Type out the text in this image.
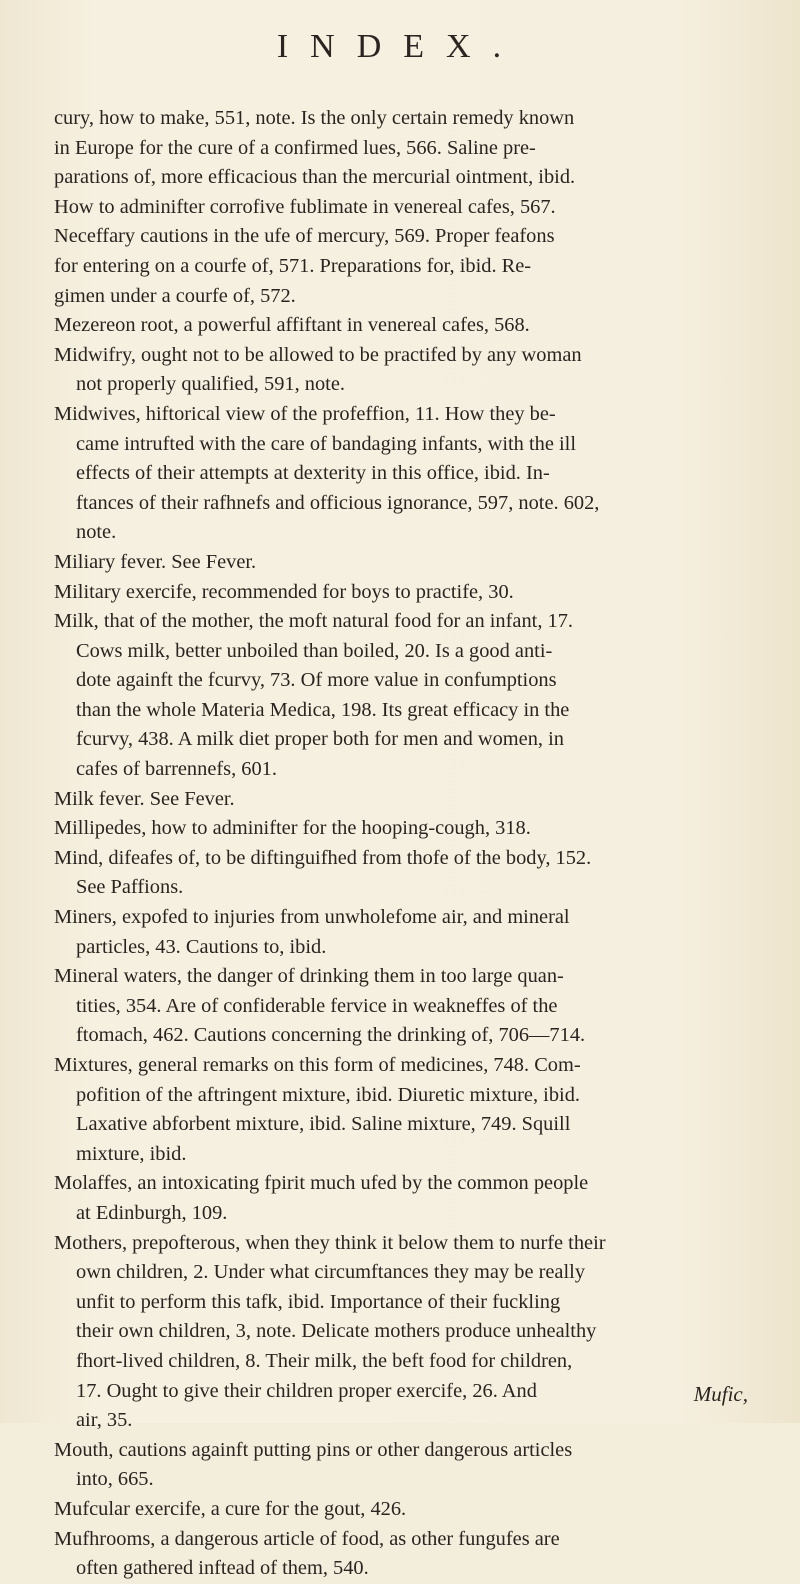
INDEX.
cury, how to make, 551, note. Is the only certain remedy known
in Europe for the cure of a confirmed lues, 566. Saline pre-
parations of, more efficacious than the mercurial ointment, ibid.
How to adminifter corrofive fublimate in venereal cafes, 567.
Neceffary cautions in the ufe of mercury, 569. Proper feafons
for entering on a courfe of, 571. Preparations for, ibid. Re-
gimen under a courfe of, 572.
Mezereon root, a powerful affiftant in venereal cafes, 568.
Midwifry, ought not to be allowed to be practifed by any woman
not properly qualified, 591, note.
Midwives, hiftorical view of the profeffion, 11. How they be-
came intrufted with the care of bandaging infants, with the ill
effects of their attempts at dexterity in this office, ibid. In-
ftances of their rafhnefs and officious ignorance, 597, note. 602,
note.
Miliary fever. See Fever.
Military exercife, recommended for boys to practife, 30.
Milk, that of the mother, the moft natural food for an infant, 17.
Cows milk, better unboiled than boiled, 20. Is a good anti-
dote againft the fcurvy, 73. Of more value in confumptions
than the whole Materia Medica, 198. Its great efficacy in the
fcurvy, 438. A milk diet proper both for men and women, in
cafes of barrennefs, 601.
Milk fever. See Fever.
Millipedes, how to adminifter for the hooping-cough, 318.
Mind, difeafes of, to be diftinguifhed from thofe of the body, 152.
See Paffions.
Miners, expofed to injuries from unwholefome air, and mineral
particles, 43. Cautions to, ibid.
Mineral waters, the danger of drinking them in too large quan-
tities, 354. Are of confiderable fervice in weakneffes of the
ftomach, 462. Cautions concerning the drinking of, 706—714.
Mixtures, general remarks on this form of medicines, 748. Com-
pofition of the aftringent mixture, ibid. Diuretic mixture, ibid.
Laxative abforbent mixture, ibid. Saline mixture, 749. Squill
mixture, ibid.
Molaffes, an intoxicating fpirit much ufed by the common people
at Edinburgh, 109.
Mothers, prepofterous, when they think it below them to nurfe their
own children, 2. Under what circumftances they may be really
unfit to perform this tafk, ibid. Importance of their fuckling
their own children, 3, note. Delicate mothers produce unhealthy
fhort-lived children, 8. Their milk, the beft food for children,
17. Ought to give their children proper exercife, 26. And
air, 35.
Mouth, cautions againft putting pins or other dangerous articles
into, 665.
Mufcular exercife, a cure for the gout, 426.
Mufhrooms, a dangerous article of food, as other fungufes are
often gathered inftead of them, 540.
Mufic,
